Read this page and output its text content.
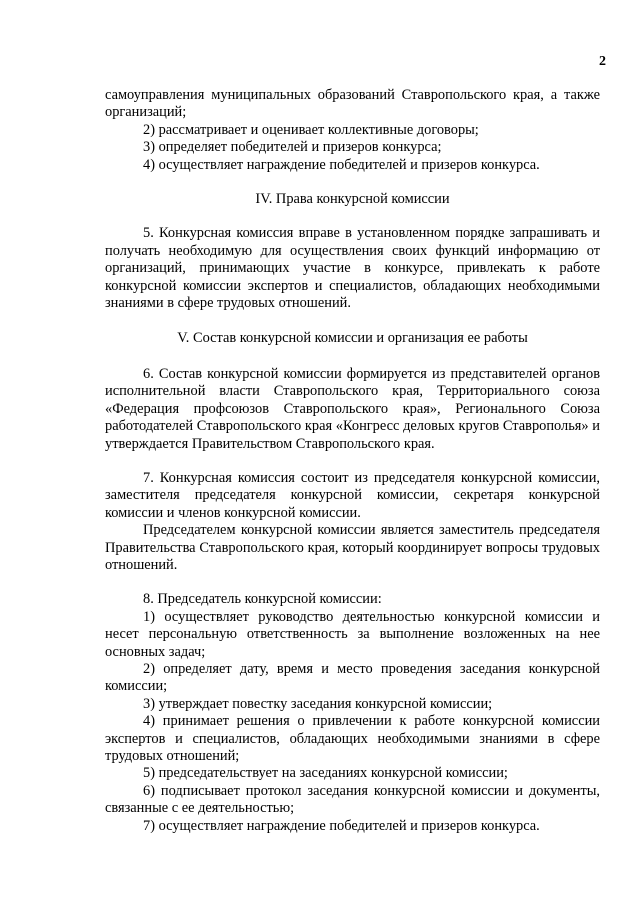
2

самоуправления муниципальных образований Ставропольского края, а также организаций;

2) рассматривает и оценивает коллективные договоры;

3) определяет победителей и призеров конкурса;

4) осуществляет награждение победителей и призеров конкурса.

IV. Права конкурсной комиссии

5. Конкурсная комиссия вправе в установленном порядке запрашивать и получать необходимую для осуществления своих функций информацию от организаций, принимающих участие в конкурсе, привлекать к работе конкурсной комиссии экспертов и специалистов, обладающих необходимыми знаниями в сфере трудовых отношений.

V. Состав конкурсной комиссии и организация ее работы

6. Состав конкурсной комиссии формируется из представителей органов исполнительной власти Ставропольского края, Территориального союза «Федерация профсоюзов Ставропольского края», Регионального Союза работодателей Ставропольского края «Конгресс деловых кругов Ставрополья» и утверждается Правительством Ставропольского края.

7. Конкурсная комиссия состоит из председателя конкурсной комиссии, заместителя председателя конкурсной комиссии, секретаря конкурсной комиссии и членов конкурсной комиссии.

Председателем конкурсной комиссии является заместитель председателя Правительства Ставропольского края, который координирует вопросы трудовых отношений.

8. Председатель конкурсной комиссии:

1) осуществляет руководство деятельностью конкурсной комиссии и несет персональную ответственность за выполнение возложенных на нее основных задач;

2) определяет дату, время и место проведения заседания конкурсной комиссии;

3) утверждает повестку заседания конкурсной комиссии;

4) принимает решения о привлечении к работе конкурсной комиссии экспертов и специалистов, обладающих необходимыми знаниями в сфере трудовых отношений;

5) председательствует на заседаниях конкурсной комиссии;

6) подписывает протокол заседания конкурсной комиссии и документы, связанные с ее деятельностью;

7) осуществляет награждение победителей и призеров конкурса.
